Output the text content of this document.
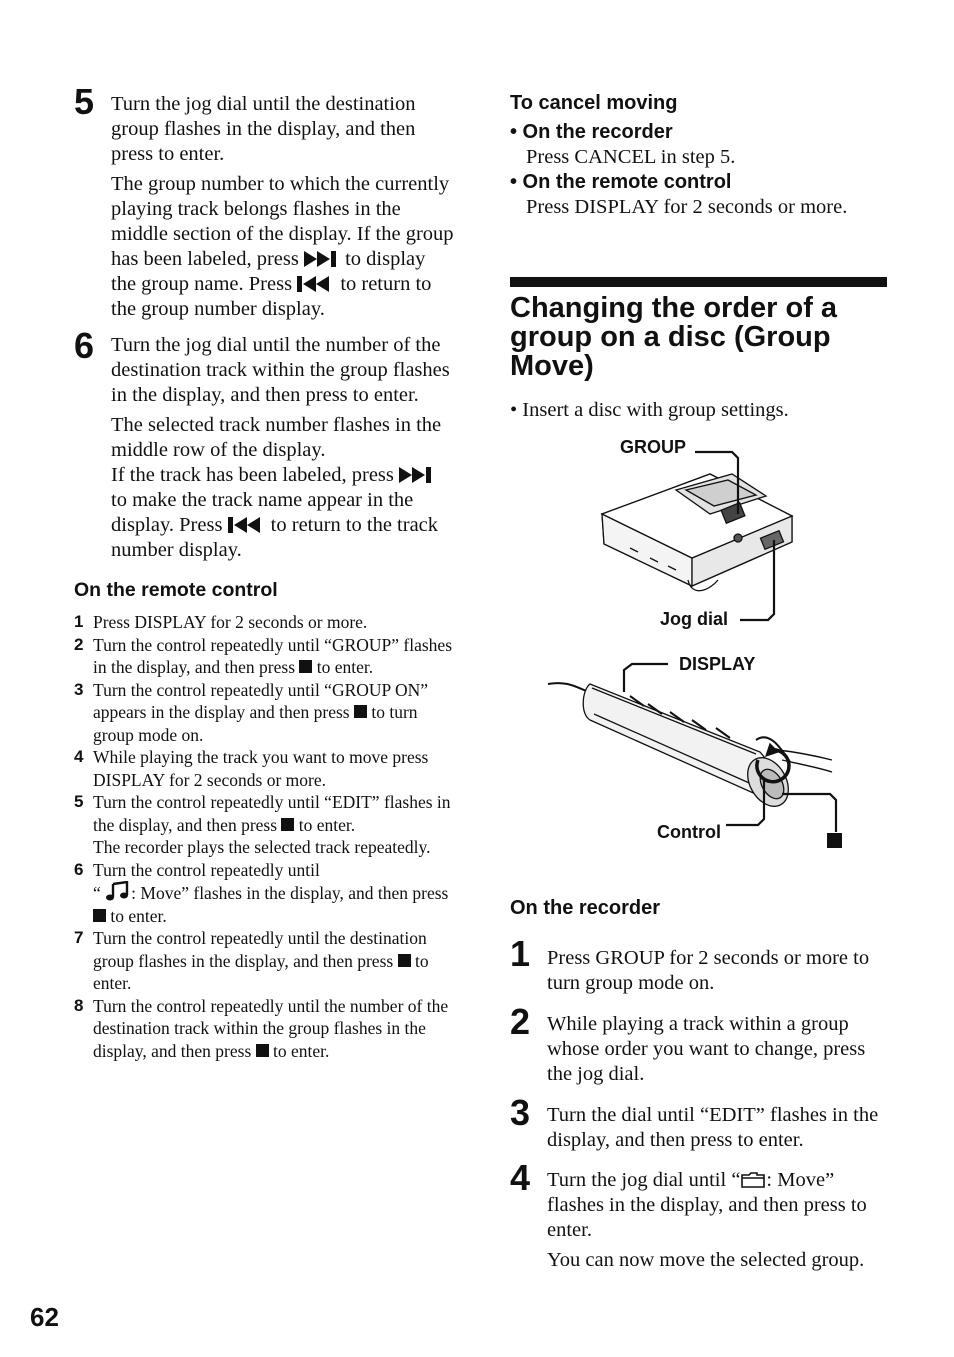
5 Turn the jog dial until the destination group flashes in the display, and then press to enter.
The group number to which the currently playing track belongs flashes in the middle section of the display. If the group has been labeled, press to display the group name. Press to return to the group number display.
6 Turn the jog dial until the number of the destination track within the group flashes in the display, and then press to enter.
The selected track number flashes in the middle row of the display.
If the track has been labeled, press  to make the track name appear in the display. Press to return to the track number display.
On the remote control
1 Press DISPLAY for 2 seconds or more.
2 Turn the control repeatedly until “GROUP” flashes in the display, and then press to enter.
3 Turn the control repeatedly until “GROUP ON” appears in the display and then press to turn group mode on.
4 While playing the track you want to move press DISPLAY for 2 seconds or more.
5 Turn the control repeatedly until “EDIT” flashes in the display, and then press to enter.
The recorder plays the selected track repeatedly.
6 Turn the control repeatedly until
“ : Move” flashes in the display, and then press  to enter.
7 Turn the control repeatedly until the destination group flashes in the display, and then press to enter.
8 Turn the control repeatedly until the number of the destination track within the group flashes in the display, and then press to enter.
To cancel moving
• On the recorder
Press CANCEL in step 5.
• On the remote control
Press DISPLAY for 2 seconds or more.
Changing the order of a group on a disc (Group Move)
• Insert a disc with group settings.
GROUP
Jog dial
DISPLAY
Control
On the recorder
1 Press GROUP for 2 seconds or more to turn group mode on.
2 While playing a track within a group whose order you want to change, press the jog dial.
3 Turn the dial until “EDIT” flashes in the display, and then press to enter.
4 Turn the jog dial until “ : Move” flashes in the display, and then press to enter.
You can now move the selected group.
62
